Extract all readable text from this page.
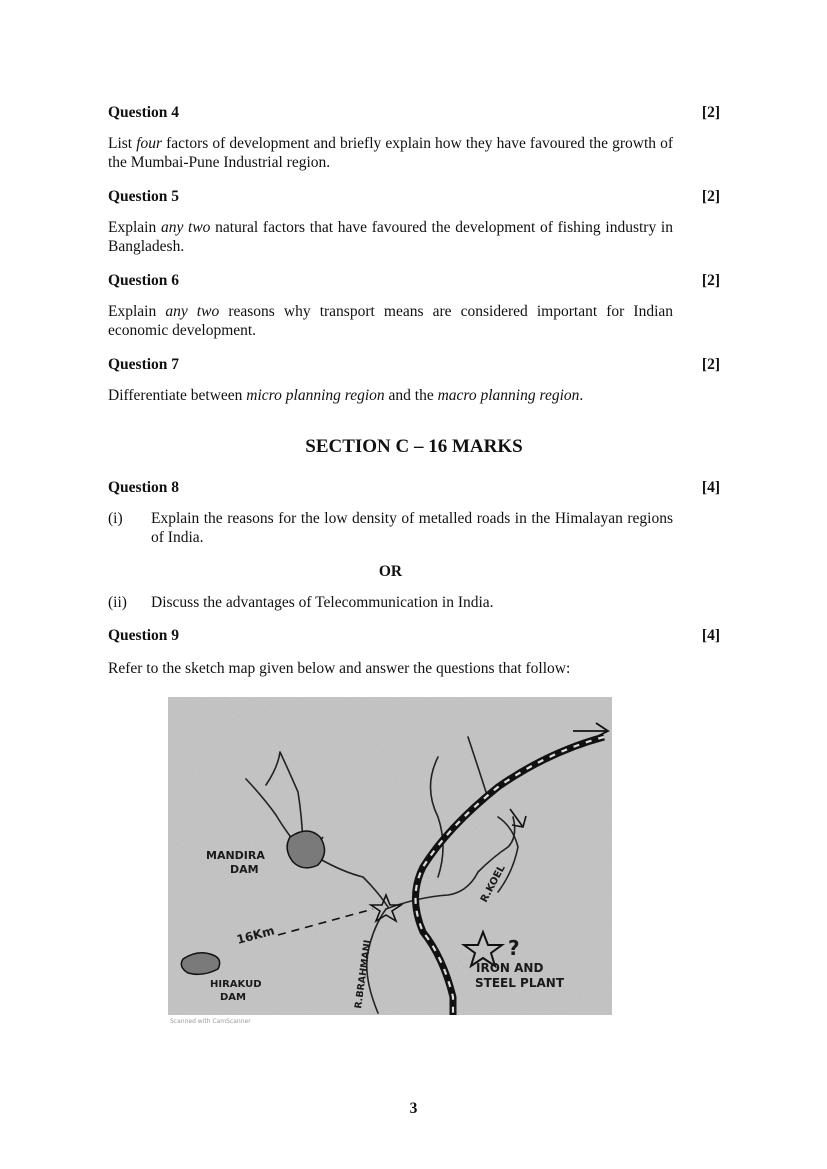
Question 4	[2]
List four factors of development and briefly explain how they have favoured the growth of the Mumbai-Pune Industrial region.
Question 5	[2]
Explain any two natural factors that have favoured the development of fishing industry in Bangladesh.
Question 6	[2]
Explain any two reasons why transport means are considered important for Indian economic development.
Question 7	[2]
Differentiate between micro planning region and the macro planning region.
SECTION C – 16 MARKS
Question 8	[4]
(i) Explain the reasons for the low density of metalled roads in the Himalayan regions of India.
OR
(ii) Discuss the advantages of Telecommunication in India.
Question 9	[4]
Refer to the sketch map given below and answer the questions that follow:
MANDIRA
DAM	R.KOEL
16Km
HIRAKUD
DAM	R.BRAHMANI	?
IRON AND
STEEL PLANT
Scanned with CamScanner
3
